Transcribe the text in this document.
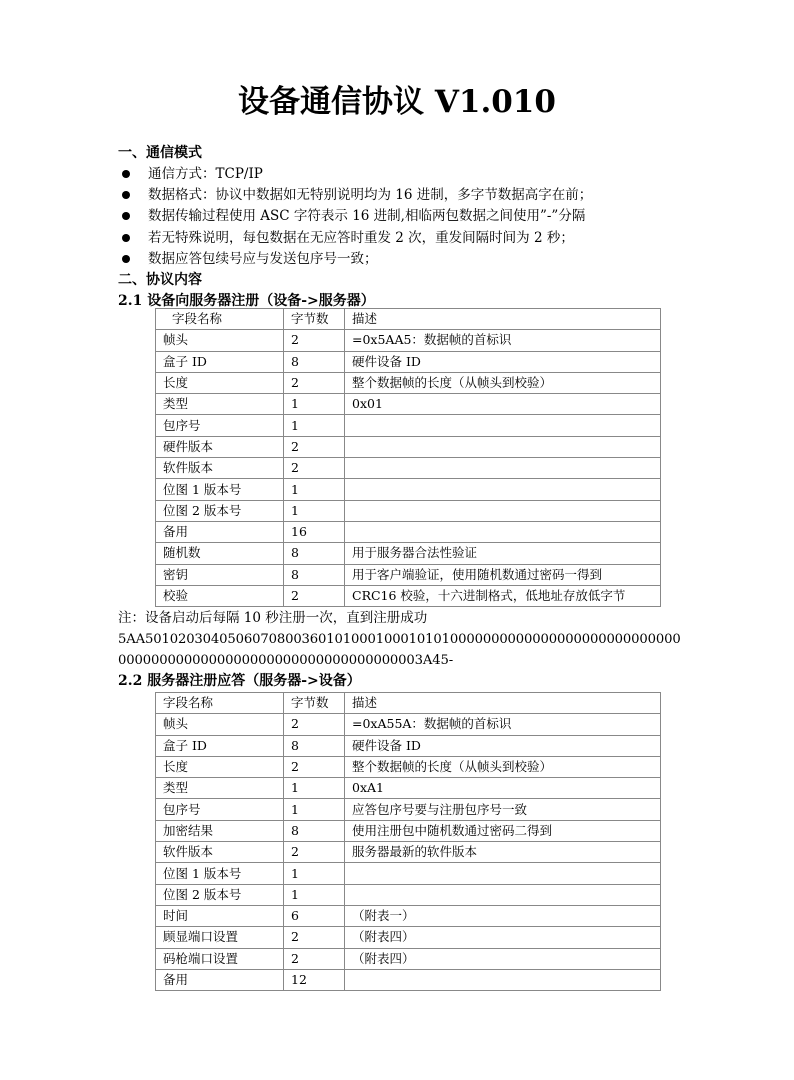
设备通信协议 V1.010
一、通信模式
通信方式：TCP/IP
数据格式：协议中数据如无特别说明均为 16 进制，多字节数据高字在前；
数据传输过程使用 ASC 字符表示 16 进制,相临两包数据之间使用”-”分隔
若无特殊说明，每包数据在无应答时重发 2 次，重发间隔时间为 2 秒；
数据应答包续号应与发送包序号一致；
二、协议内容
2.1 设备向服务器注册（设备->服务器）
字段名称	字节数	描述
帧头	2	=0x5AA5：数据帧的首标识
盒子 ID	8	硬件设备 ID
长度	2	整个数据帧的长度（从帧头到校验）
类型	1	0x01
包序号	1	
硬件版本	2	
软件版本	2	
位图 1 版本号	1	
位图 2 版本号	1	
备用	16	
随机数	8	用于服务器合法性验证
密钥	8	用于客户端验证，使用随机数通过密码一得到
校验	2	CRC16 校验，十六进制格式，低地址存放低字节
注：设备启动后每隔 10 秒注册一次，直到注册成功
5AA50102030405060708003601010001000101010000000000000000000000000000
0000000000000000000000000000000000003A45-
2.2 服务器注册应答（服务器->设备）
字段名称	字节数	描述
帧头	2	=0xA55A：数据帧的首标识
盒子 ID	8	硬件设备 ID
长度	2	整个数据帧的长度（从帧头到校验）
类型	1	0xA1
包序号	1	应答包序号要与注册包序号一致
加密结果	8	使用注册包中随机数通过密码二得到
软件版本	2	服务器最新的软件版本
位图 1 版本号	1	
位图 2 版本号	1	
时间	6	（附表一）
顾显端口设置	2	（附表四）
码枪端口设置	2	（附表四）
备用	12	
